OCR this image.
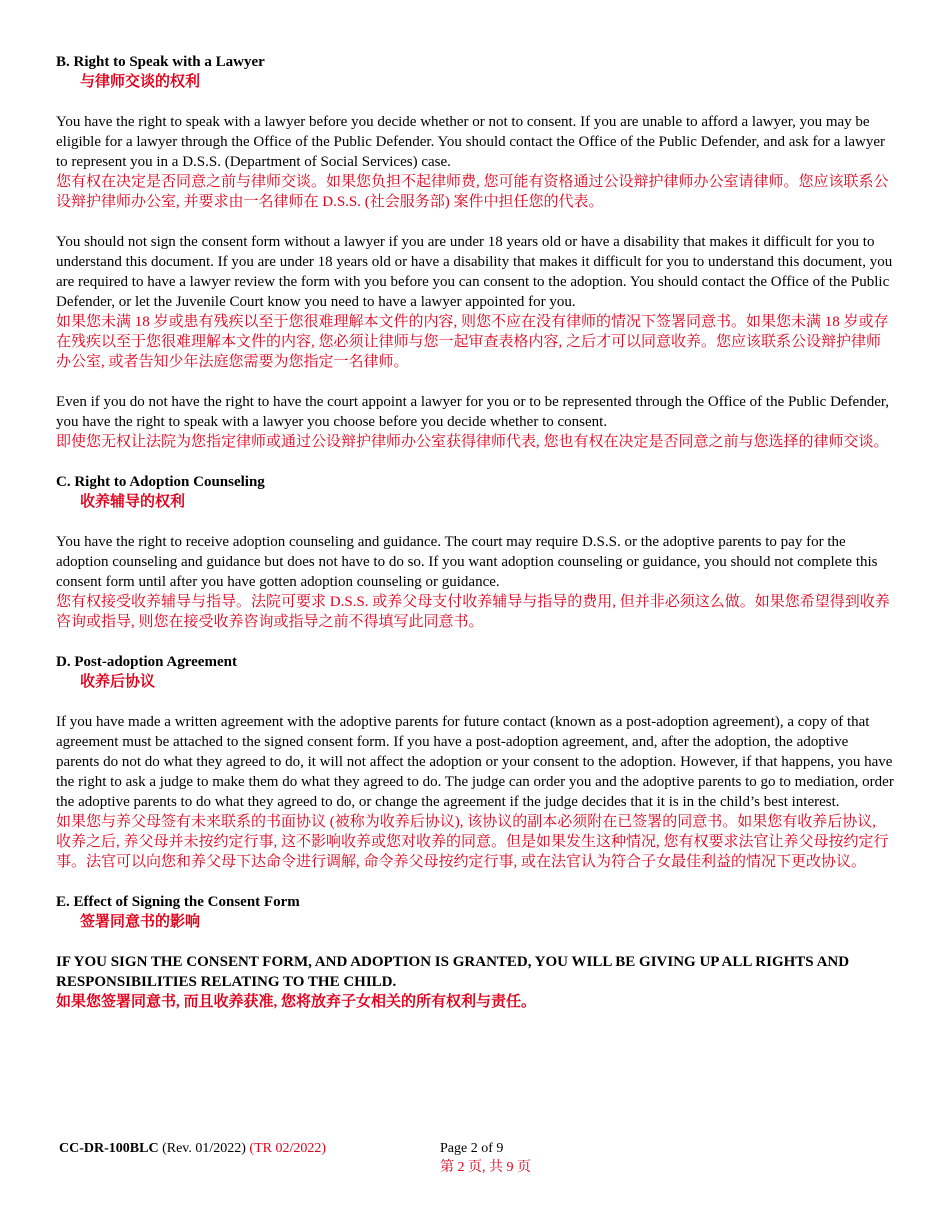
B. Right to Speak with a Lawyer
与律师交谈的权利
You have the right to speak with a lawyer before you decide whether or not to consent. If you are unable to afford a lawyer, you may be eligible for a lawyer through the Office of the Public Defender. You should contact the Office of the Public Defender, and ask for a lawyer to represent you in a D.S.S. (Department of Social Services) case.
您有权在决定是否同意之前与律师交谈。如果您负担不起律师费, 您可能有资格通过公设辩护律师办公室请律师。您应该联系公设辩护律师办公室, 并要求由一名律师在 D.S.S. (社会服务部) 案件中担任您的代表。
You should not sign the consent form without a lawyer if you are under 18 years old or have a disability that makes it difficult for you to understand this document. If you are under 18 years old or have a disability that makes it difficult for you to understand this document, you are required to have a lawyer review the form with you before you can consent to the adoption. You should contact the Office of the Public Defender, or let the Juvenile Court know you need to have a lawyer appointed for you.
如果您未满 18 岁或患有残疾以至于您很难理解本文件的内容, 则您不应在没有律师的情况下签署同意书。如果您未满 18 岁或存在残疾以至于您很难理解本文件的内容, 您必须让律师与您一起审查表格内容, 之后才可以同意收养。您应该联系公设辩护律师办公室, 或者告知少年法庭您需要为您指定一名律师。
Even if you do not have the right to have the court appoint a lawyer for you or to be represented through the Office of the Public Defender, you have the right to speak with a lawyer you choose before you decide whether to consent.
即使您无权让法院为您指定律师或通过公设辩护律师办公室获得律师代表, 您也有权在决定是否同意之前与您选择的律师交谈。
C. Right to Adoption Counseling
收养辅导的权利
You have the right to receive adoption counseling and guidance. The court may require D.S.S. or the adoptive parents to pay for the adoption counseling and guidance but does not have to do so. If you want adoption counseling or guidance, you should not complete this consent form until after you have gotten adoption counseling or guidance.
您有权接受收养辅导与指导。法院可要求 D.S.S. 或养父母支付收养辅导与指导的费用, 但并非必须这么做。如果您希望得到收养咨询或指导, 则您在接受收养咨询或指导之前不得填写此同意书。
D. Post-adoption Agreement
收养后协议
If you have made a written agreement with the adoptive parents for future contact (known as a post-adoption agreement), a copy of that agreement must be attached to the signed consent form. If you have a post-adoption agreement, and, after the adoption, the adoptive parents do not do what they agreed to do, it will not affect the adoption or your consent to the adoption. However, if that happens, you have the right to ask a judge to make them do what they agreed to do. The judge can order you and the adoptive parents to go to mediation, order the adoptive parents to do what they agreed to do, or change the agreement if the judge decides that it is in the child’s best interest.
如果您与养父母签有未来联系的书面协议 (被称为收养后协议), 该协议的副本必须附在已签署的同意书。如果您有收养后协议, 收养之后, 养父母并未按约定行事, 这不影响收养或您对收养的同意。但是如果发生这种情况, 您有权要求法官让养父母按约定行事。法官可以向您和养父母下达命令进行调解, 命令养父母按约定行事, 或在法官认为符合子女最佳利益的情况下更改协议。
E. Effect of Signing the Consent Form
签署同意书的影响
IF YOU SIGN THE CONSENT FORM, AND ADOPTION IS GRANTED, YOU WILL BE GIVING UP ALL RIGHTS AND RESPONSIBILITIES RELATING TO THE CHILD.
如果您签署同意书, 而且收养获准, 您将放弃子女相关的所有权利与责任。
CC-DR-100BLC (Rev. 01/2022) (TR 02/2022)	Page 2 of 9
第 2 页, 共 9 页
